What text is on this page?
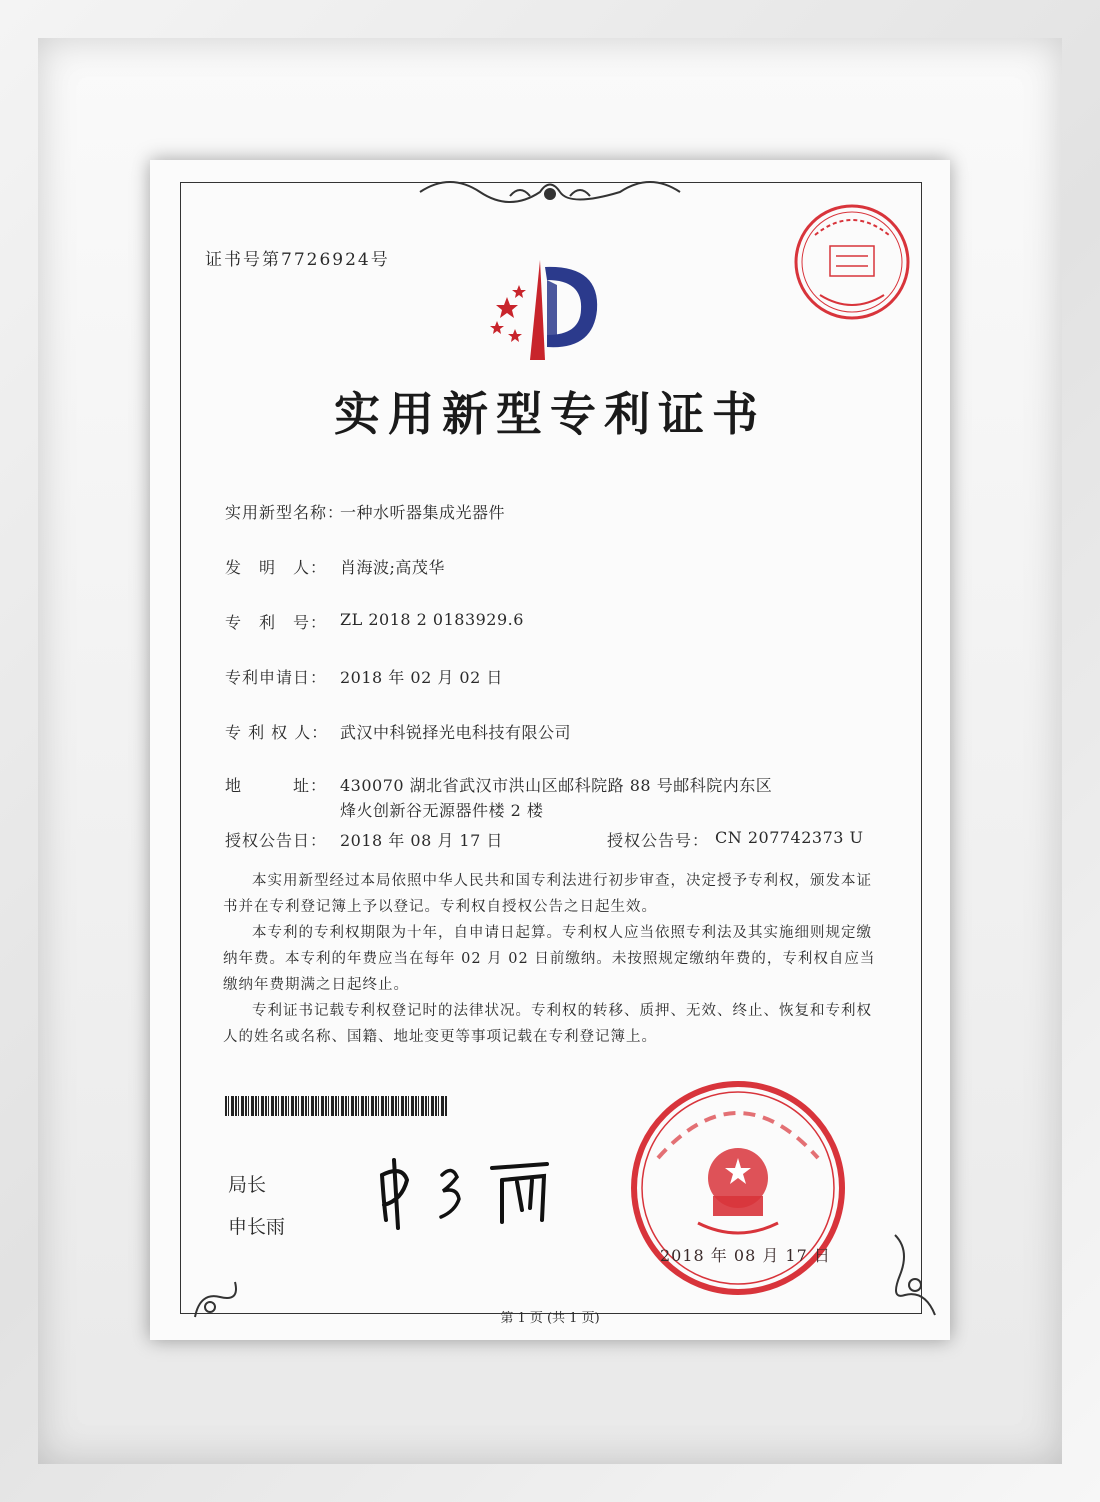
证书号第7726924号
实用新型专利证书
实用新型名称：
一种水听器集成光器件
发　明　人： 肖海波;高茂华
专　利　号： ZL 2018 2 0183929.6
专利申请日： 2018 年 02 月 02 日
专 利 权 人： 武汉中科锐择光电科技有限公司
地　　　址： 430070 湖北省武汉市洪山区邮科院路 88 号邮科院内东区
烽火创新谷无源器件楼 2 楼
授权公告日： 2018 年 08 月 17 日	授权公告号： CN 207742373 U
本实用新型经过本局依照中华人民共和国专利法进行初步审查，决定授予专利权，颁发本证书并在专利登记簿上予以登记。专利权自授权公告之日起生效。
本专利的专利权期限为十年，自申请日起算。专利权人应当依照专利法及其实施细则规定缴纳年费。本专利的年费应当在每年 02 月 02 日前缴纳。未按照规定缴纳年费的，专利权自应当缴纳年费期满之日起终止。
专利证书记载专利权登记时的法律状况。专利权的转移、质押、无效、终止、恢复和专利权人的姓名或名称、国籍、地址变更等事项记载在专利登记簿上。
局长
申长雨
2018 年 08 月 17 日
第 1 页 (共 1 页)
